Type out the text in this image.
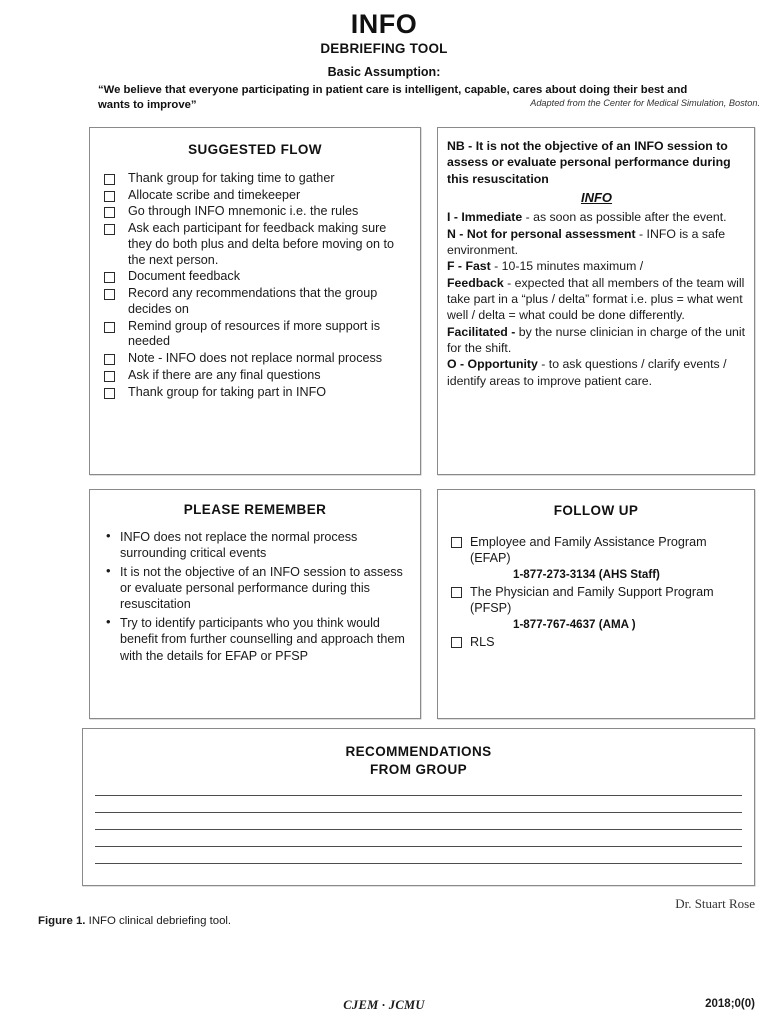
INFO
DEBRIEFING TOOL
Basic Assumption:
“We believe that everyone participating in patient care is intelligent, capable, cares about doing their best and wants to improve”	Adapted from the Center for Medical Simulation, Boston.
SUGGESTED FLOW
Thank group for taking time to gather
Allocate scribe and timekeeper
Go through INFO mnemonic i.e. the rules
Ask each participant for feedback making sure they do both plus and delta before moving on to the next person.
Document feedback
Record any recommendations that the group decides on
Remind group of resources if more support is needed
Note - INFO does not replace normal process
Ask if there are any final questions
Thank group for taking part in INFO
NB - It is not the objective of an INFO session to assess or evaluate personal performance during this resuscitation
INFO
I - Immediate - as soon as possible after the event.
N - Not for personal assessment - INFO is a safe environment.
F - Fast - 10-15 minutes maximum /
Feedback - expected that all members of the team will take part in a “plus / delta” format i.e. plus = what went well / delta = what could be done differently.
Facilitated - by the nurse clinician in charge of the unit for the shift.
O - Opportunity - to ask questions / clarify events / identify areas to improve patient care.
PLEASE REMEMBER
• INFO does not replace the normal process surrounding critical events
• It is not the objective of an INFO session to assess or evaluate personal performance during this resuscitation
• Try to identify participants who you think would benefit from further counselling and approach them with the details for EFAP or PFSP
FOLLOW UP
Employee and Family Assistance Program (EFAP)
1-877-273-3134 (AHS Staff)
The Physician and Family Support Program (PFSP)
1-877-767-4637 (AMA )
RLS
RECOMMENDATIONS
FROM GROUP
Dr. Stuart Rose
Figure 1. INFO clinical debriefing tool.
CJEM · JCMU	2018;0(0)
